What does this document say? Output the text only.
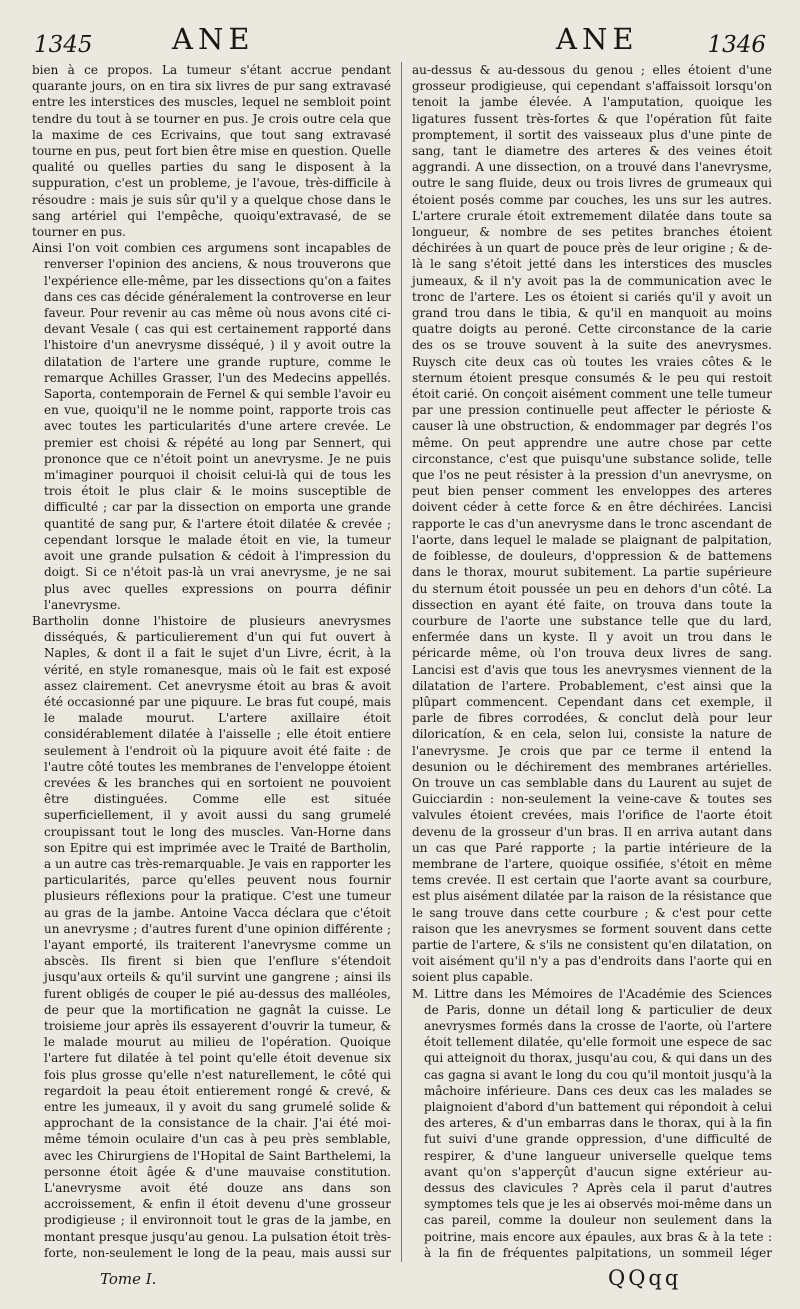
1345	ANE	ANE	1346

bien à ce propos. La tumeur s'étant accrue pendant quarante jours, on en tira six livres de pur sang extravasé entre les interstices des muscles, lequel ne sembloit point tendre du tout à se tourner en pus. Je crois outre cela que la maxime de ces Ecrivains, que tout sang extravasé tourne en pus, peut fort bien être mise en question. Quelle qualité ou quelles parties du sang le disposent à la suppuration, c'est un probleme, je l'avoue, très-difficile à résoudre : mais je suis sûr qu'il y a quelque chose dans le sang artériel qui l'empêche, quoiqu'extravasé, de se tourner en pus.

Ainsi l'on voit combien ces argumens sont incapables de renverser l'opinion des anciens, & nous trouverons que l'expérience elle-même, par les dissections qu'on a faites dans ces cas décide généralement la controverse en leur faveur. Pour revenir au cas même où nous avons cité ci-devant Vesale ( cas qui est certainement rapporté dans l'histoire d'un anevrysme disséqué, ) il y avoit outre la dilatation de l'artere une grande rupture, comme le remarque Achilles Grasser, l'un des Medecins appellés. Saporta, contemporain de Fernel & qui semble l'avoir eu en vue, quoiqu'il ne le nomme point, rapporte trois cas avec toutes les particularités d'une artere crevée. Le premier est choisi & répété au long par Sennert, qui prononce que ce n'étoit point un anevrysme. Je ne puis m'imaginer pourquoi il choisit celui-là qui de tous les trois étoit le plus clair & le moins susceptible de difficulté ; car par la dissection on emporta une grande quantité de sang pur, & l'artere étoit dilatée & crevée ; cependant lorsque le malade étoit en vie, la tumeur avoit une grande pulsation & cédoit à l'impression du doigt. Si ce n'étoit pas-là un vrai anevrysme, je ne sai plus avec quelles expressions on pourra définir l'anevrysme.

Bartholin donne l'histoire de plusieurs anevrysmes disséqués, & particulierement d'un qui fut ouvert à Naples, & dont il a fait le sujet d'un Livre, écrit, à la vérité, en style romanesque, mais où le fait est exposé assez clairement. Cet anevrysme étoit au bras & avoit été occasionné par une piquure. Le bras fut coupé, mais le malade mourut. L'artere axillaire étoit considérablement dilatée à l'aisselle ; elle étoit entiere seulement à l'endroit où la piquure avoit été faite : de l'autre côté toutes les membranes de l'enveloppe étoient crevées & les branches qui en sortoient ne pouvoient être distinguées. Comme elle est située superficiellement, il y avoit aussi du sang grumelé croupissant tout le long des muscles. Van-Horne dans son Epitre qui est imprimée avec le Traité de Bartholin, a un autre cas très-remarquable. Je vais en rapporter les particularités, parce qu'elles peuvent nous fournir plusieurs réflexions pour la pratique. C'est une tumeur au gras de la jambe. Antoine Vacca déclara que c'étoit un anevrysme ; d'autres furent d'une opinion différente ; l'ayant emporté, ils traiterent l'anevrysme comme un abscès. Ils firent si bien que l'enflure s'étendoit jusqu'aux orteils & qu'il survint une gangrene ; ainsi ils furent obligés de couper le pié au-dessus des malléoles, de peur que la mortification ne gagnât la cuisse. Le troisieme jour après ils essayerent d'ouvrir la tumeur, & le malade mourut au milieu de l'opération. Quoique l'artere fut dilatée à tel point qu'elle étoit devenue six fois plus grosse qu'elle n'est naturellement, le côté qui regardoit la peau étoit entierement rongé & crevé, & entre les jumeaux, il y avoit du sang grumelé solide & approchant de la consistance de la chair. J'ai été moi-même témoin oculaire d'un cas à peu près semblable, avec les Chirurgiens de l'Hopital de Saint Barthelemi, la personne étoit âgée & d'une mauvaise constitution. L'anevrysme avoit été douze ans dans son accroissement, & enfin il étoit devenu d'une grosseur prodigieuse ; il environnoit tout le gras de la jambe, en montant presque jusqu'au genou. La pulsation étoit très-forte, non-seulement le long de la peau, mais aussi sur

au-dessus & au-dessous du genou ; elles étoient d'une grosseur prodigieuse, qui cependant s'affaissoit lorsqu'on tenoit la jambe élevée. A l'amputation, quoique les ligatures fussent très-fortes & que l'opération fût faite promptement, il sortit des vaisseaux plus d'une pinte de sang, tant le diametre des arteres & des veines étoit aggrandi. A une dissection, on a trouvé dans l'anevrysme, outre le sang fluide, deux ou trois livres de grumeaux qui étoient posés comme par couches, les uns sur les autres. L'artere crurale étoit extremement dilatée dans toute sa longueur, & nombre de ses petites branches étoient déchirées à un quart de pouce près de leur origine ; & de-là le sang s'étoit jetté dans les interstices des muscles jumeaux, & il n'y avoit pas la de communication avec le tronc de l'artere. Les os étoient si cariés qu'il y avoit un grand trou dans le tibia, & qu'il en manquoit au moins quatre doigts au peroné. Cette circonstance de la carie des os se trouve souvent à la suite des anevrysmes. Ruysch cite deux cas où toutes les vraies côtes & le sternum étoient presque consumés & le peu qui restoit étoit carié. On conçoit aisément comment une telle tumeur par une pression continuelle peut affecter le périoste & causer là une obstruction, & endommager par degrés l'os même. On peut apprendre une autre chose par cette circonstance, c'est que puisqu'une substance solide, telle que l'os ne peut résister à la pression d'un anevrysme, on peut bien penser comment les enveloppes des arteres doivent céder à cette force & en être déchirées. Lancisi rapporte le cas d'un anevrysme dans le tronc ascendant de l'aorte, dans lequel le malade se plaignant de palpitation, de foiblesse, de douleurs, d'oppression & de battemens dans le thorax, mourut subitement. La partie supérieure du sternum étoit poussée un peu en dehors d'un côté. La dissection en ayant été faite, on trouva dans toute la courbure de l'aorte une substance telle que du lard, enfermée dans un kyste. Il y avoit un trou dans le péricarde même, où l'on trouva deux livres de sang. Lancisi est d'avis que tous les anevrysmes viennent de la dilatation de l'artere. Probablement, c'est ainsi que la plûpart commencent. Cependant dans cet exemple, il parle de fibres corrodées, & conclut delà pour leur diloricatíon, & en cela, selon lui, consiste la nature de l'anevrysme. Je crois que par ce terme il entend la desunion ou le déchirement des membranes artérielles. On trouve un cas semblable dans du Laurent au sujet de Guicciardin : non-seulement la veine-cave & toutes ses valvules étoient crevées, mais l'orifice de l'aorte étoit devenu de la grosseur d'un bras. Il en arriva autant dans un cas que Paré rapporte ; la partie intérieure de la membrane de l'artere, quoique ossifiée, s'étoit en même tems crevée. Il est certain que l'aorte avant sa courbure, est plus aisément dilatée par la raison de la résistance que le sang trouve dans cette courbure ; & c'est pour cette raison que les anevrysmes se forment souvent dans cette partie de l'artere, & s'ils ne consistent qu'en dilatation, on voit aisément qu'il n'y a pas d'endroits dans l'aorte qui en soient plus capable.

M. Littre dans les Mémoires de l'Académie des Sciences de Paris, donne un détail long & particulier de deux anevrysmes formés dans la crosse de l'aorte, où l'artere étoit tellement dilatée, qu'elle formoit une espece de sac qui atteignoit du thorax, jusqu'au cou, & qui dans un des cas gagna si avant le long du cou qu'il montoit jusqu'à la mâchoire inférieure. Dans ces deux cas les malades se plaignoient d'abord d'un battement qui répondoit à celui des arteres, & d'un embarras dans le thorax, qui à la fin fut suivi d'une grande oppression, d'une difficulté de respirer, & d'une langueur universelle quelque tems avant qu'on s'apperçût d'aucun signe extérieur au-dessus des clavicules ? Après cela il parut d'autres symptomes tels que je les ai observés moi-même dans un cas pareil, comme la douleur non seulement dans la poitrine, mais encore aux épaules, aux bras & à la tete : à la fin de fréquentes palpitations, un sommeil léger

Tome I.	QQqq
